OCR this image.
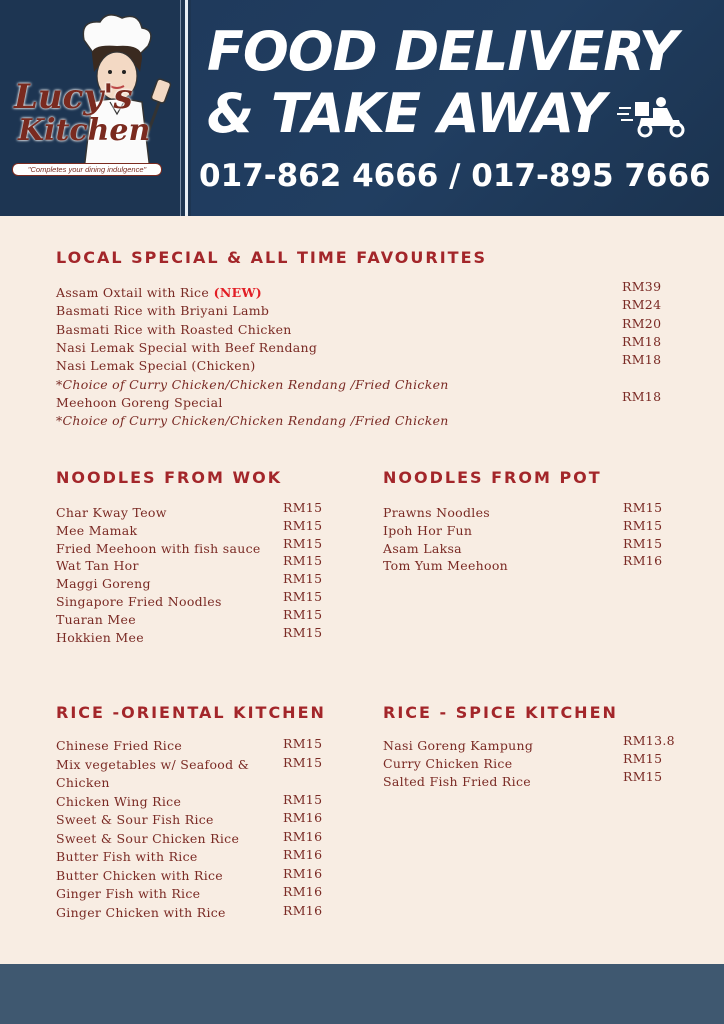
Lucy's
Kitchen
"Completes your dining indulgence"
FOOD DELIVERY
& TAKE AWAY
017-862 4666 / 017-895 7666
LOCAL SPECIAL & ALL TIME FAVOURITES
Assam Oxtail with Rice (NEW)	RM39
Basmati Rice with Briyani Lamb	RM24
Basmati Rice with Roasted Chicken	RM20
Nasi Lemak Special with Beef Rendang	RM18
Nasi Lemak Special (Chicken)	RM18
*Choice of Curry Chicken/Chicken Rendang /Fried Chicken
Meehoon Goreng Special	RM18
*Choice of Curry Chicken/Chicken Rendang /Fried Chicken
NOODLES FROM WOK
Char Kway Teow	RM15
Mee Mamak	RM15
Fried Meehoon with fish sauce RM15
Wat Tan Hor	RM15
Maggi Goreng	RM15
Singapore Fried Noodles	RM15
Tuaran Mee	RM15
Hokkien Mee	RM15
NOODLES FROM POT
Prawns Noodles	RM15
Ipoh Hor Fun	RM15
Asam Laksa	RM15
Tom Yum Meehoon	RM16
RICE -ORIENTAL KITCHEN
Chinese Fried Rice	RM15
Mix vegetables w/ Seafood &	RM15
Chicken
Chicken Wing Rice	RM15
Sweet & Sour Fish Rice	RM16
Sweet & Sour Chicken Rice	RM16
Butter Fish with Rice	RM16
Butter Chicken with Rice	RM16
Ginger Fish with Rice	RM16
Ginger Chicken with Rice	RM16
RICE - SPICE KITCHEN
Nasi Goreng Kampung	RM13.8
Curry Chicken Rice	RM15
Salted Fish Fried Rice	RM15
